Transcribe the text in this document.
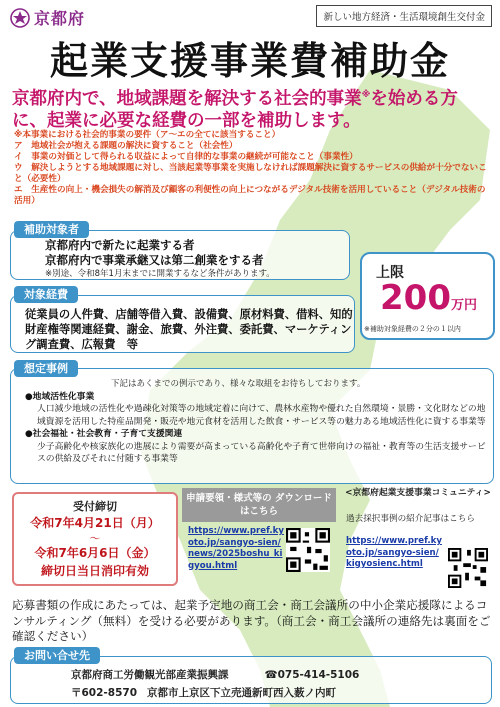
京都府	新しい地方経済・生活環境創生交付金
起業支援事業費補助金
京都府内で、地域課題を解決する社会的事業※を始める方
に、起業に必要な経費の一部を補助します。
※本事業における社会的事業の要件（ア〜エの全てに該当すること）
ア　地域社会が抱える課題の解決に資すること（社会性）
イ　事業の対価として得られる収益によって自律的な事業の継続が可能なこと（事業性）
ウ　解決しようとする地域課題に対し、当該起業等事業を実施しなければ課題解決に資するサービスの供給が十分でないこと（必要性）
エ　生産性の向上・機会損失の解消及び顧客の利便性の向上につながるデジタル技術を活用していること（デジタル技術の活用）
京都府内で新たに起業する者
京都府内で事業承継又は第二創業をする者
※別途、令和8年1月末までに開業するなど条件があります。
補助対象者
上限
200万円
※補助対象経費の２分の１以内
従業員の人件費、店舗等借入費、設備費、原材料費、借料、知的財産権等関連経費、謝金、旅費、外注費、委託費、マーケティング調査費、広報費　等
対象経費
下記はあくまでの例示であり、様々な取組をお待ちしております。
●地域活性化事業
人口減少地域の活性化や過疎化対策等の地域定着に向けて、農林水産物や優れた自然環境・景勝・文化財などの地域資源を活用した特産品開発・販売や地元食材を活用した飲食・サービス等の魅力ある地域活性化に資する事業等
●社会福祉・社会教育・子育て支援関連
少子高齢化や核家族化の進展により需要が高まっている高齢化や子育て世帯向けの福祉・教育等の生活支援サービスの供給及びそれに付随する事業等
想定事例
受付締切
令和7年4月21日（月）
〜
令和7年6月6日（金）
締切日当日消印有効
申請要領・様式等の ダウンロードはこちら
https://www.pref.kyoto.jp/sangyo-sien/news/2025boshu_kigyou.html
<京都府起業支援事業コミュニティ>
過去採択事例の紹介記事はこちら
https://www.pref.kyoto.jp/sangyo-sien/kigyosienc.html
応募書類の作成にあたっては、起業予定地の商工会・商工会議所の中小企業応援隊によるコンサルティング（無料）を受ける必要があります。（商工会・商工会議所の連絡先は裏面をご確認ください）
京都府商工労働観光部産業振興課	☎075-414-5106
〒602-8570 京都市上京区下立売通新町西入薮ノ内町
お問い合せ先
